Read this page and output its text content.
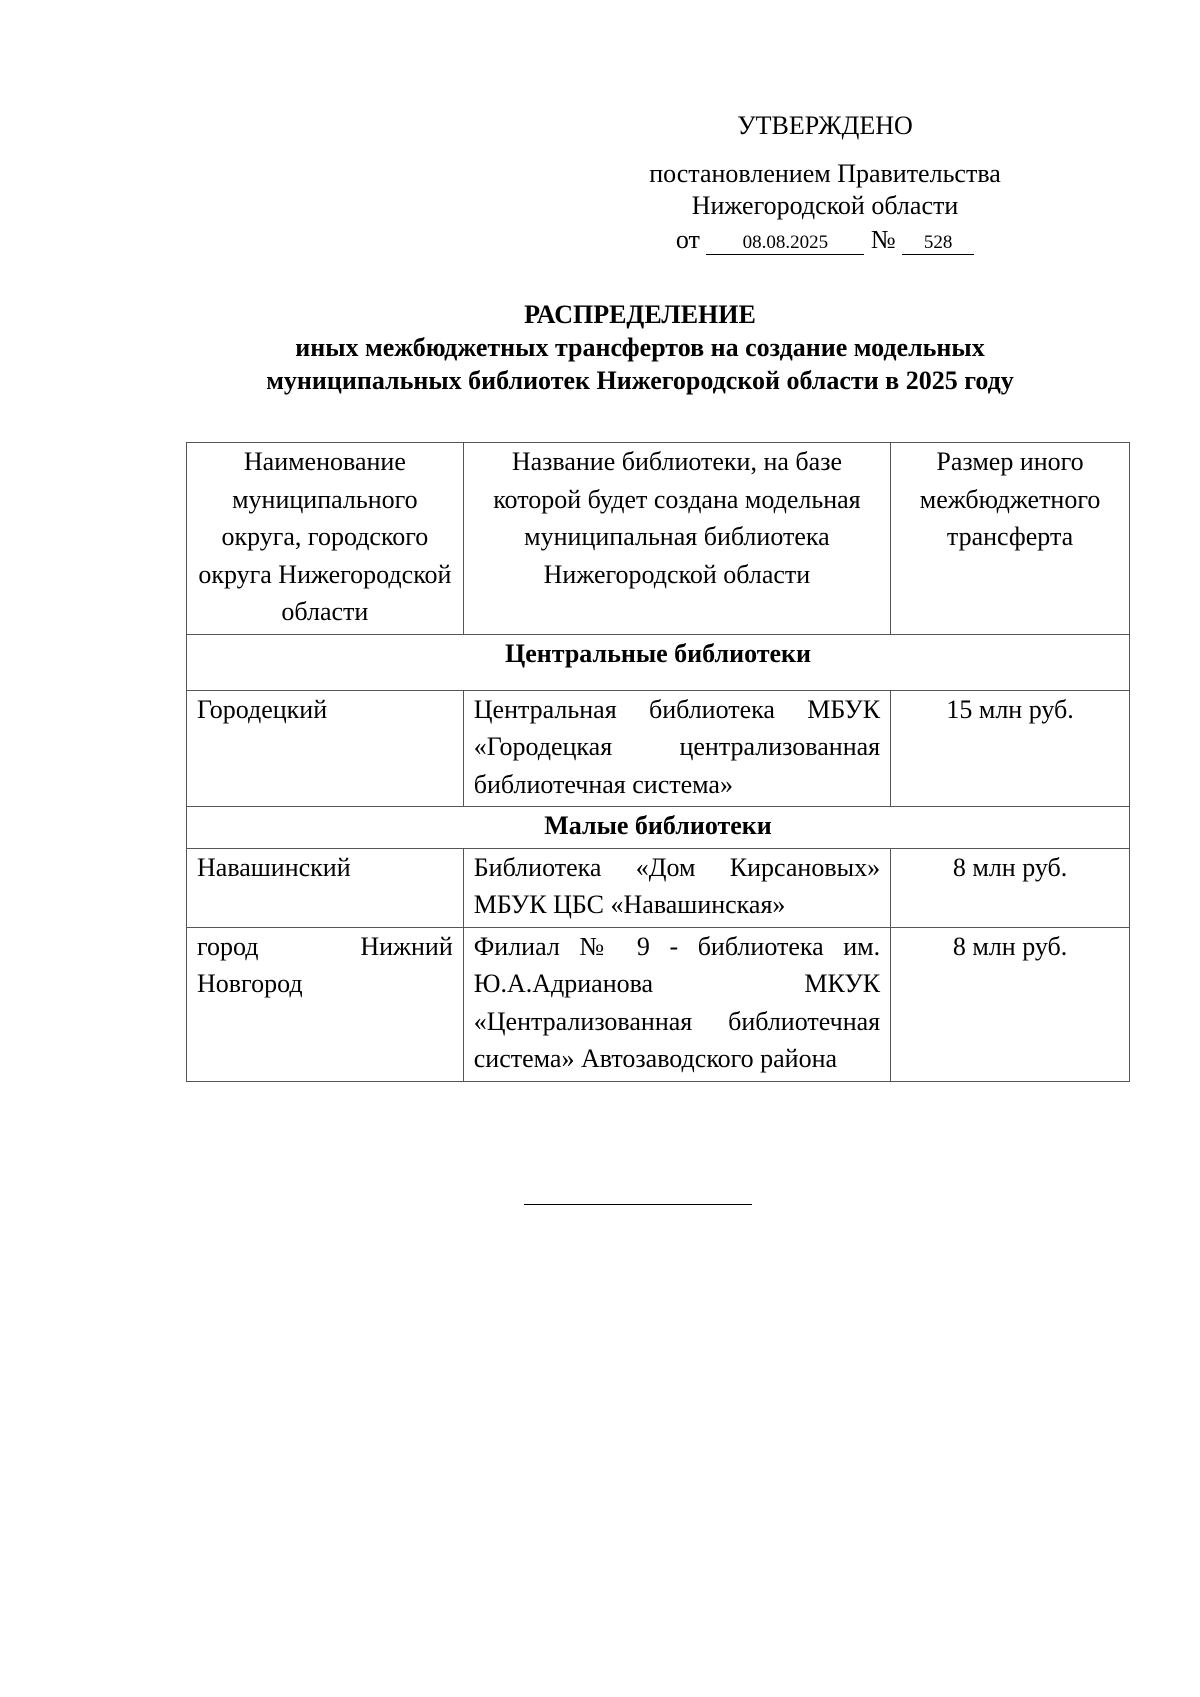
УТВЕРЖДЕНО
постановлением Правительства
Нижегородской области
от 08.08.2025 № 528
РАСПРЕДЕЛЕНИЕ
иных межбюджетных трансфертов на создание модельных
муниципальных библиотек Нижегородской области в 2025 году
Наименование муниципального округа, городского округа Нижегородской области	Название библиотеки, на базе которой будет создана модельная муниципальная библиотека Нижегородской области	Размер иного межбюджетного трансферта
Центральные библиотеки		
Городецкий	Центральная библиотека МБУК «Городецкая централизованная библиотечная система»	15 млн руб.
Малые библиотеки		
Навашинский	Библиотека «Дом Кирсановых» МБУК ЦБС «Навашинская»	8 млн руб.
город Нижний Новгород	Филиал № 9 - библиотека им. Ю.А.Адрианова МКУК «Централизованная библиотечная система» Автозаводского района	8 млн руб.
